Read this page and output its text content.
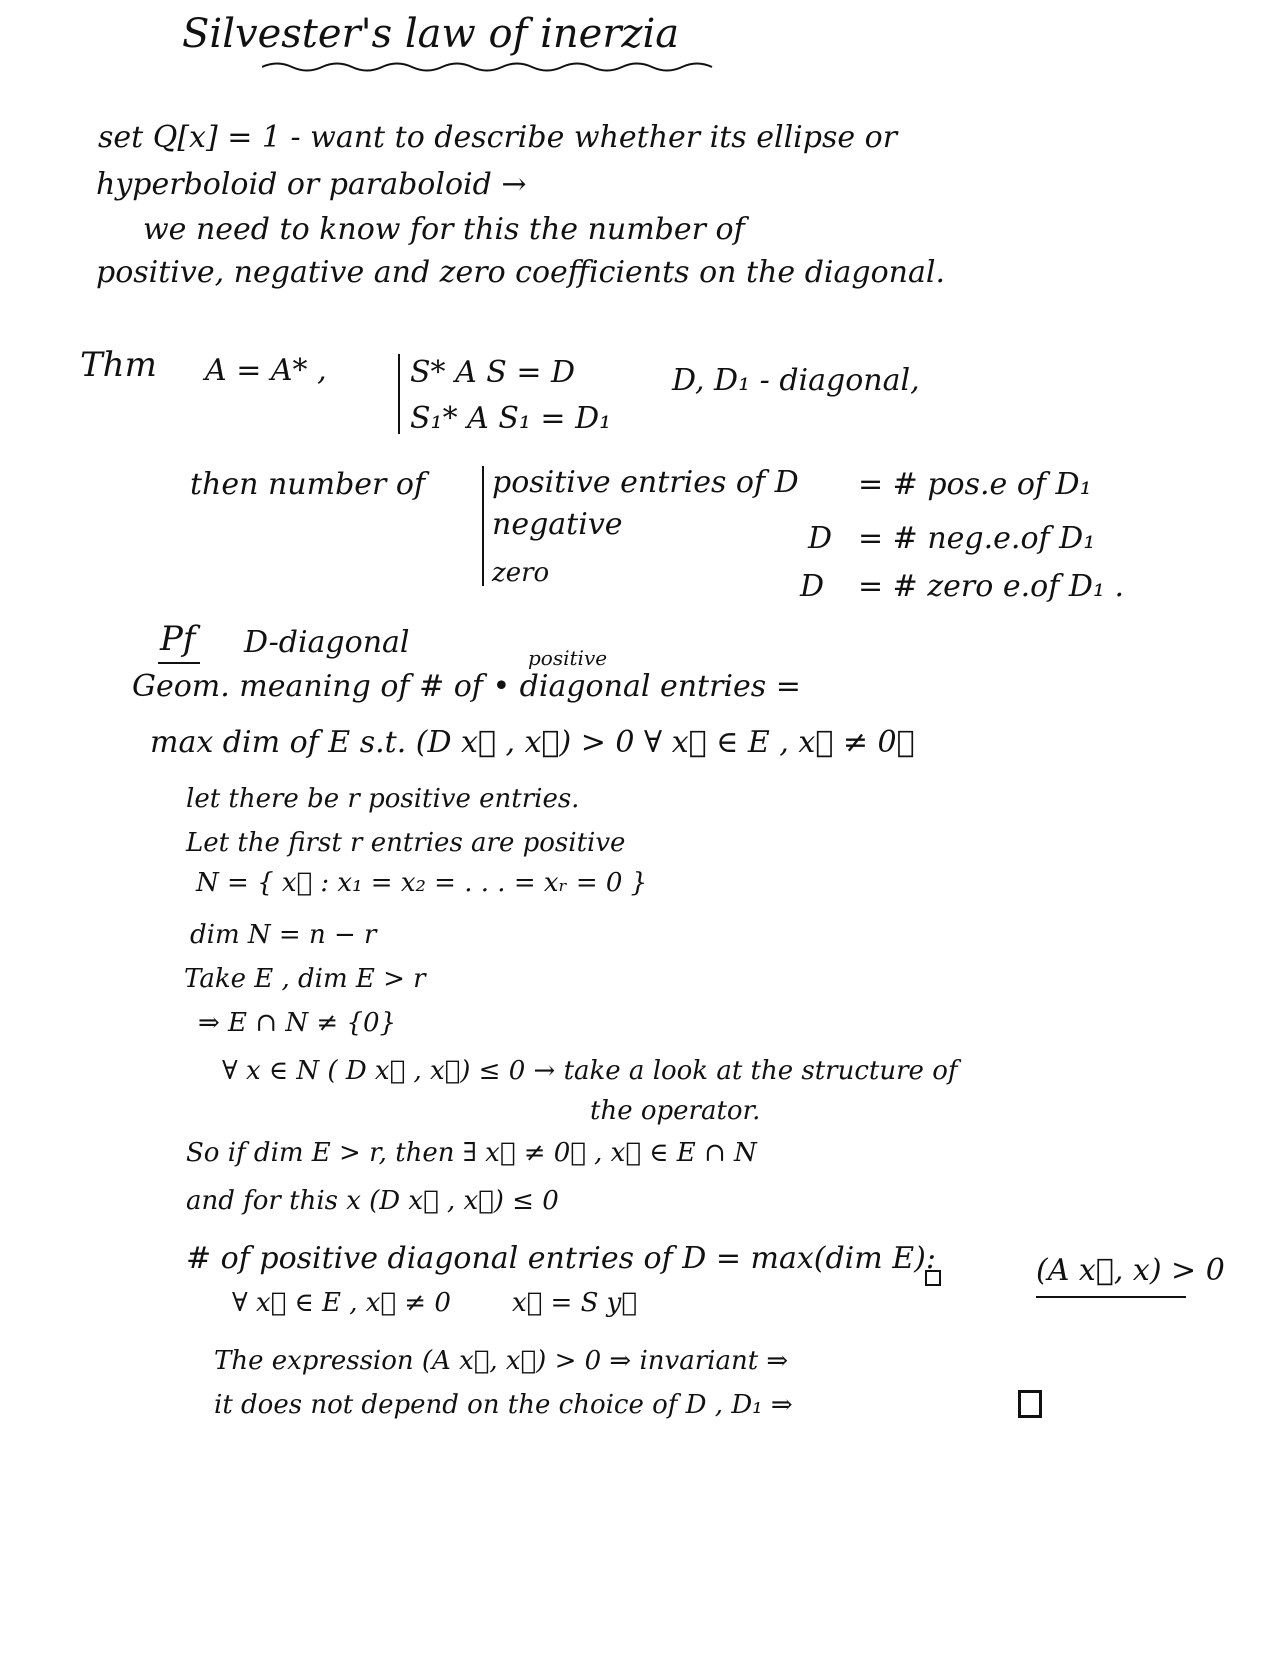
Silvester's law of inerzia
set Q[x] = 1 - want to describe whether its ellipse or
hyperboloid or paraboloid →
we need to know for this the number of
positive, negative and zero coefficients on the diagonal.
Thm A = A* ,	S* A S = D
S₁* A S₁ = D₁
D, D₁ - diagonal,
then number of positive entries of D = # pos.e of D₁
negative	D = # neg.e.of D₁
zero	D = # zero e.of D₁ .
Pf D-diagonal	positive
Geom. meaning of # of • diagonal entries =
max dim of E s.t. (D x⃗ , x⃗) > 0 ∀ x⃗ ∈ E , x⃗ ≠ 0⃗
let there be r positive entries.
Let the first r entries are positive
N = { x⃗ : x₁ = x₂ = . . . = xᵣ = 0 }
dim N = n − r
Take E , dim E > r
⇒ E ∩ N ≠ {0}
∀ x ∈ N ( D x⃗ , x⃗) ≤ 0 → take a look at the structure of
the operator.
So if dim E > r, then ∃ x⃗ ≠ 0⃗ , x⃗ ∈ E ∩ N
and for this x (D x⃗ , x⃗) ≤ 0
# of positive diagonal entries of D = max(dim E):	(A x⃗, x) > 0
∀ x⃗ ∈ E , x⃗ ≠ 0 x⃗ = S y⃗
The expression (A x⃗, x⃗) > 0 ⇒ invariant ⇒
it does not depend on the choice of D , D₁ ⇒
